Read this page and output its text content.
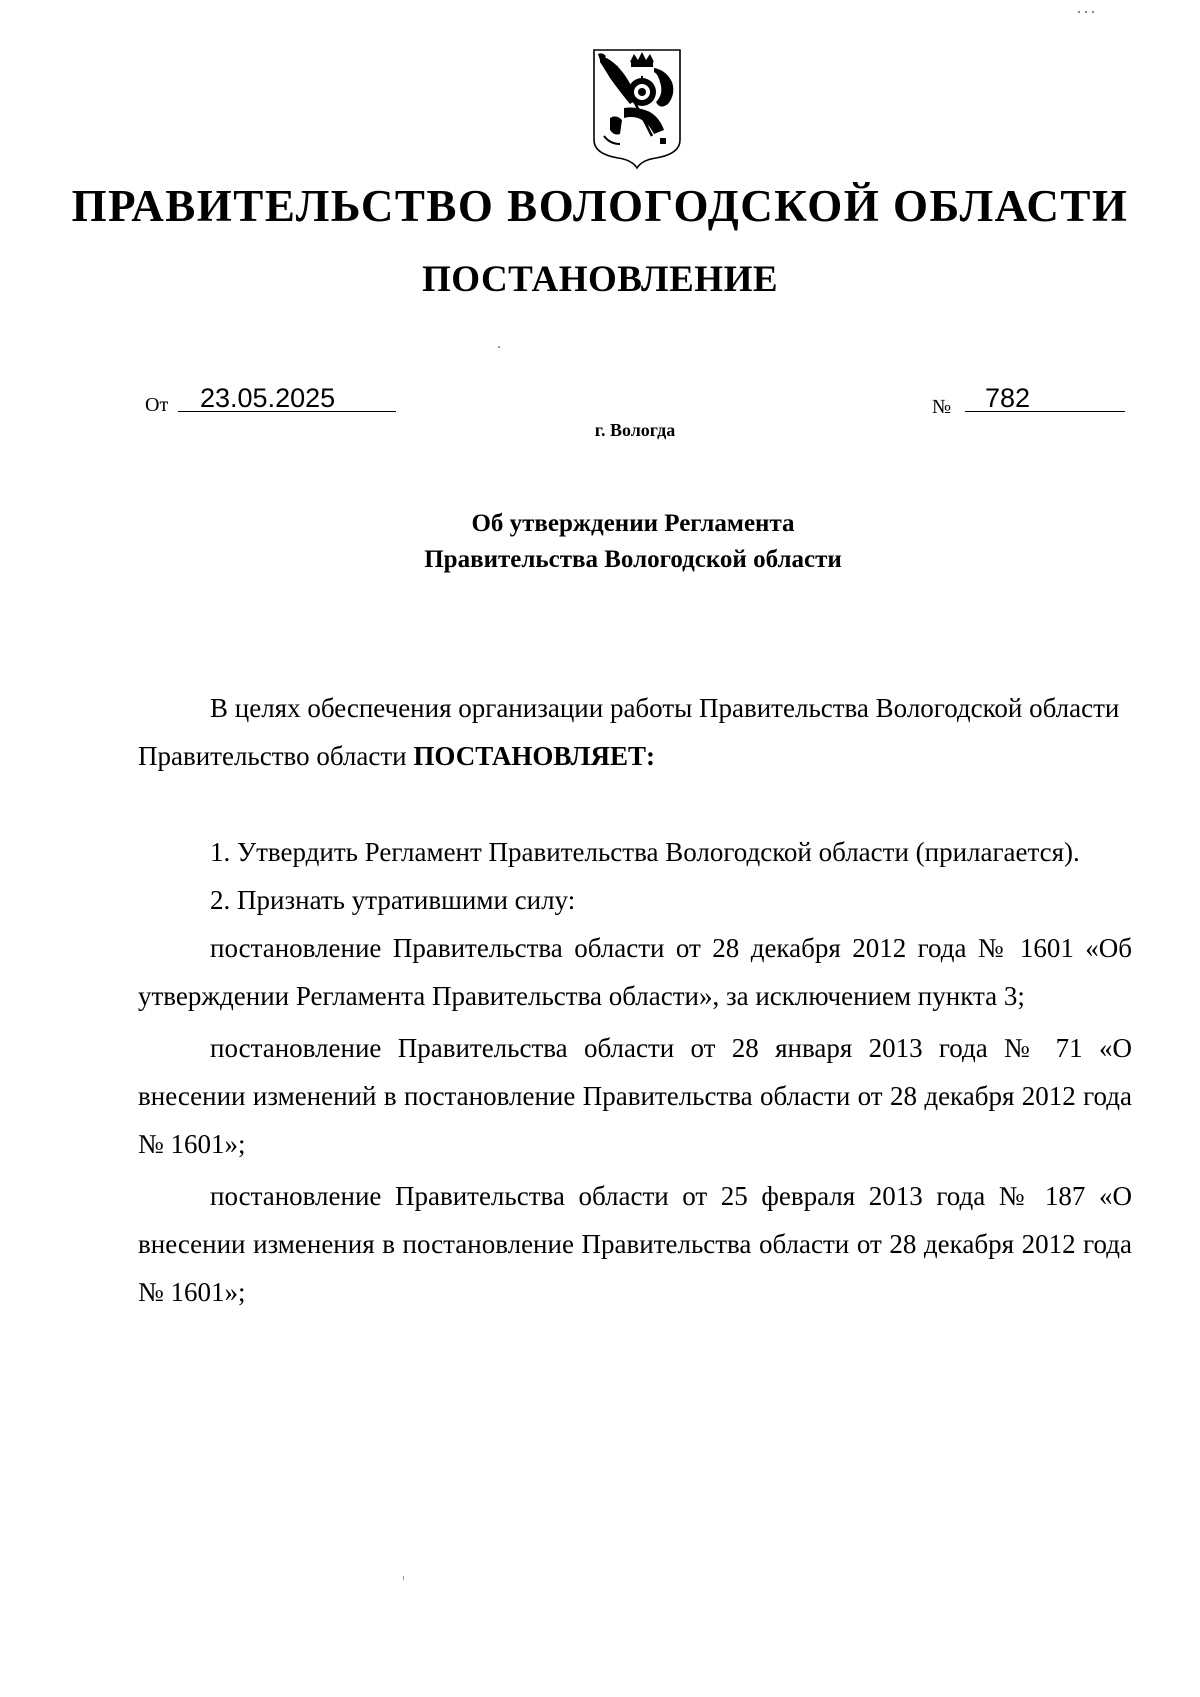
ПРАВИТЕЛЬСТВО ВОЛОГОДСКОЙ ОБЛАСТИ
ПОСТАНОВЛЕНИЕ
От 23.05.2025	№ 782
г. Вологда
Об утверждении Регламента
Правительства Вологодской области

В целях обеспечения организации работы Правительства Вологодской области

Правительство области ПОСТАНОВЛЯЕТ:

1. Утвердить Регламент Правительства Вологодской области (прилагается).

2. Признать утратившими силу:

постановление Правительства области от 28 декабря 2012 года № 1601 «Об утверждении Регламента Правительства области», за исключением пункта 3;

постановление Правительства области от 28 января 2013 года № 71 «О внесении изменений в постановление Правительства области от 28 декабря 2012 года № 1601»;

постановление Правительства области от 25 февраля 2013 года № 187 «О внесении изменения в постановление Правительства области от 28 декабря 2012 года № 1601»;
